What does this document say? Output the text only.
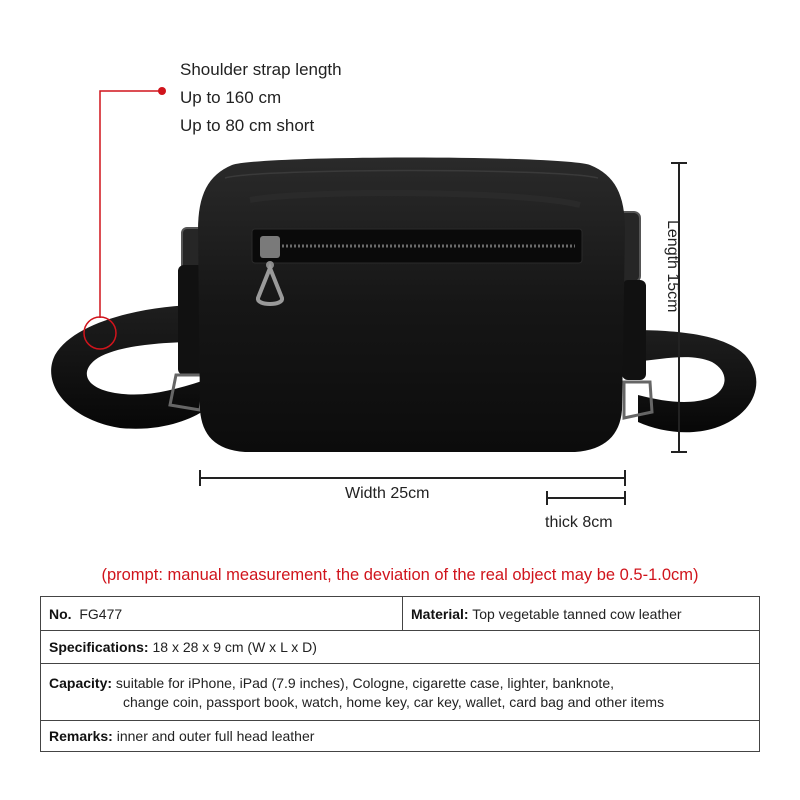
Shoulder strap length
Up to 160 cm
Up to 80 cm short
Length 15cm
Width 25cm
thick 8cm
(prompt: manual measurement, the deviation of the real object may be 0.5-1.0cm)
No. FG477	Material: Top vegetable tanned cow leather
Specifications: 18 x 28 x 9 cm (W x L x D)

Capacity: suitable for iPhone, iPad (7.9 inches), Cologne, cigarette case, lighter, banknote,
change coin, passport book, watch, home key, car key, wallet, card bag and other items

Remarks: inner and outer full head leather
